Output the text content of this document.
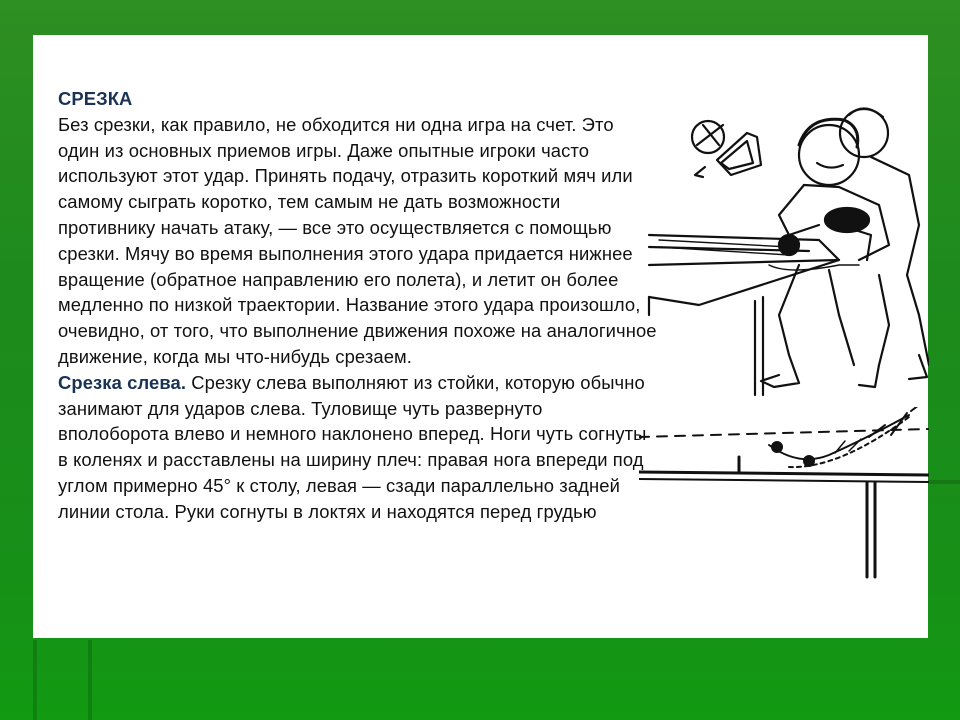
СРЕЗКА

Без срезки, как правило, не обходится ни одна игра на счет. Это один из основных приемов игры. Даже опытные игроки часто используют этот удар. Принять подачу, отразить короткий мяч или самому сыграть коротко, тем самым не дать возможности противнику начать атаку, — все это осуществляется с помощью срезки. Мячу во время выполнения этого удара придается нижнее вращение (обратное направлению его полета), и летит он более медленно по низкой траектории. Название этого удара произошло, очевидно, от того, что выполнение движения похоже на аналогичное движение, когда мы что-нибудь срезаем.

Срезка слева. Срезку слева выполняют из стойки, которую обычно занимают для ударов слева. Туловище чуть развернуто вполоборота влево и немного наклонено вперед. Ноги чуть согнуты в коленях и расставлены на ширину плеч: правая нога впереди под углом примерно 45° к столу, левая — сзади параллельно задней линии стола. Руки согнуты в локтях и находятся перед грудью
